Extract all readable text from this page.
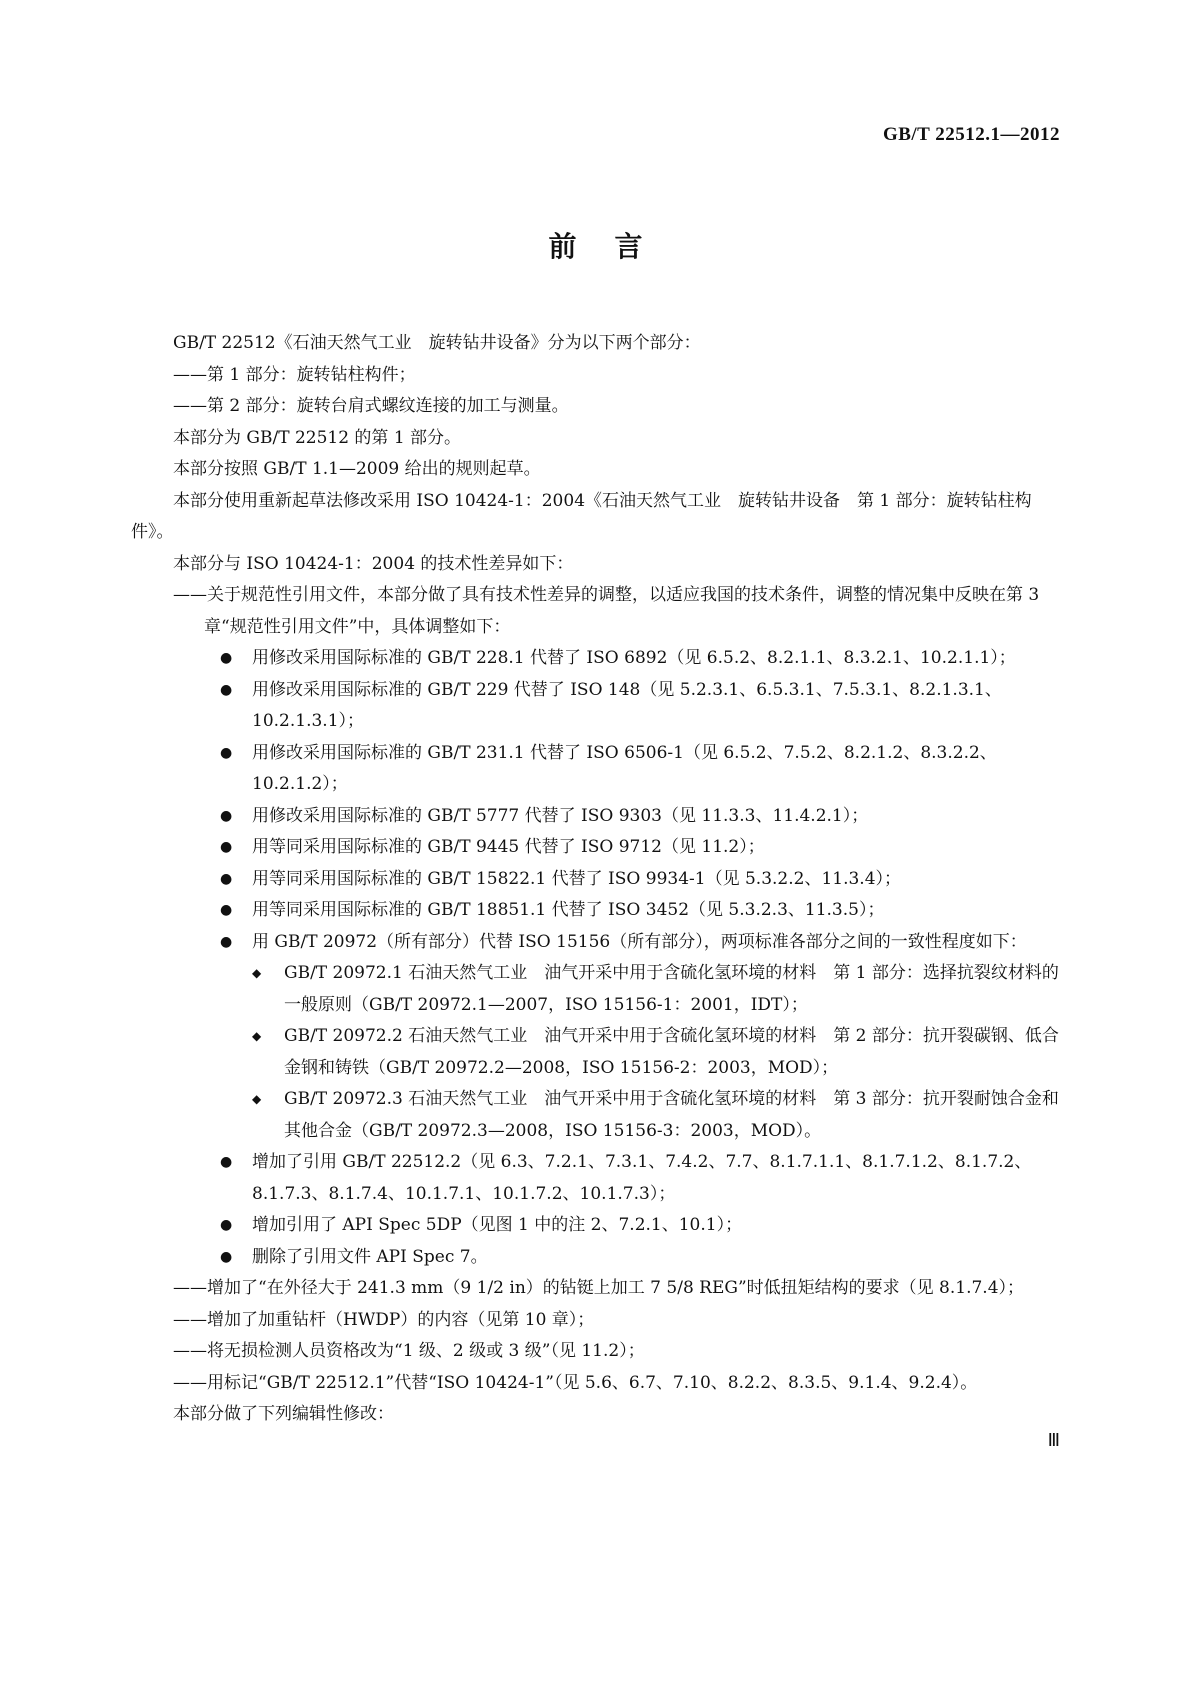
GB/T 22512.1—2012
前言

GB/T 22512《石油天然气工业　旋转钻井设备》分为以下两个部分：

——第 1 部分：旋转钻柱构件；

——第 2 部分：旋转台肩式螺纹连接的加工与测量。

本部分为 GB/T 22512 的第 1 部分。

本部分按照 GB/T 1.1—2009 给出的规则起草。

本部分使用重新起草法修改采用 ISO 10424-1：2004《石油天然气工业　旋转钻井设备　第 1 部分：旋转钻柱构件》。

本部分与 ISO 10424-1：2004 的技术性差异如下：

——关于规范性引用文件，本部分做了具有技术性差异的调整，以适应我国的技术条件，调整的情况集中反映在第 3 章“规范性引用文件”中，具体调整如下：

● 用修改采用国际标准的 GB/T 228.1 代替了 ISO 6892（见 6.5.2、8.2.1.1、8.3.2.1、10.2.1.1）；
● 用修改采用国际标准的 GB/T 229 代替了 ISO 148（见 5.2.3.1、6.5.3.1、7.5.3.1、8.2.1.3.1、10.2.1.3.1）；
● 用修改采用国际标准的 GB/T 231.1 代替了 ISO 6506-1（见 6.5.2、7.5.2、8.2.1.2、8.3.2.2、10.2.1.2）；
● 用修改采用国际标准的 GB/T 5777 代替了 ISO 9303（见 11.3.3、11.4.2.1）；
● 用等同采用国际标准的 GB/T 9445 代替了 ISO 9712（见 11.2）；
● 用等同采用国际标准的 GB/T 15822.1 代替了 ISO 9934-1（见 5.3.2.2、11.3.4）；
● 用等同采用国际标准的 GB/T 18851.1 代替了 ISO 3452（见 5.3.2.3、11.3.5）；
● 用 GB/T 20972（所有部分）代替 ISO 15156（所有部分），两项标准各部分之间的一致性程度如下：
◆ GB/T 20972.1 石油天然气工业　油气开采中用于含硫化氢环境的材料　第 1 部分：选择抗裂纹材料的一般原则（GB/T 20972.1—2007，ISO 15156-1：2001，IDT）；
◆ GB/T 20972.2 石油天然气工业　油气开采中用于含硫化氢环境的材料　第 2 部分：抗开裂碳钢、低合金钢和铸铁（GB/T 20972.2—2008，ISO 15156-2：2003，MOD）；
◆ GB/T 20972.3 石油天然气工业　油气开采中用于含硫化氢环境的材料　第 3 部分：抗开裂耐蚀合金和其他合金（GB/T 20972.3—2008，ISO 15156-3：2003，MOD）。
● 增加了引用 GB/T 22512.2（见 6.3、7.2.1、7.3.1、7.4.2、7.7、8.1.7.1.1、8.1.7.1.2、8.1.7.2、8.1.7.3、8.1.7.4、10.1.7.1、10.1.7.2、10.1.7.3）；
● 增加引用了 API Spec 5DP（见图 1 中的注 2、7.2.1、10.1）；
● 删除了引用文件 API Spec 7。

——增加了“在外径大于 241.3 mm（9 1/2 in）的钻铤上加工 7 5/8 REG”时低扭矩结构的要求（见 8.1.7.4）；

——增加了加重钻杆（HWDP）的内容（见第 10 章）；

——将无损检测人员资格改为“1 级、2 级或 3 级”（见 11.2）；

——用标记“GB/T 22512.1”代替“ISO 10424-1”（见 5.6、6.7、7.10、8.2.2、8.3.5、9.1.4、9.2.4）。

本部分做了下列编辑性修改：

Ⅲ
